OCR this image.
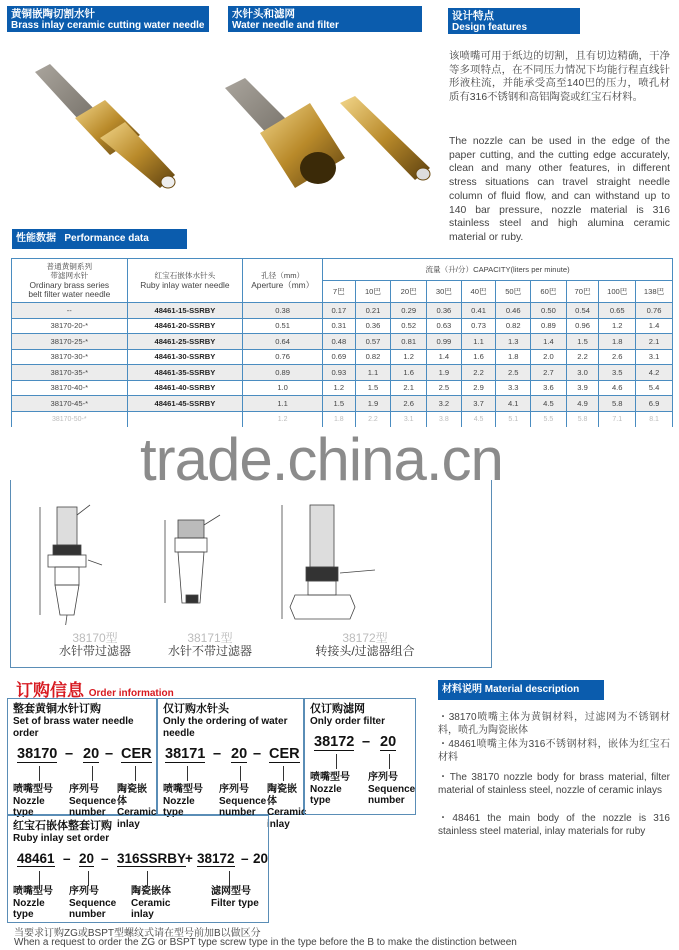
黄铜嵌陶切割水针
Brass inlay ceramic cutting water needle
水针头和滤网
Water needle and filter
设计特点
Design features
该喷嘴可用于纸边的切割，且有切边精确，干净等多项特点，在不同压力情况下均能行程直线针形液柱流，并能承受高至140巴的压力，喷孔材质有316不锈钢和高铝陶瓷或红宝石材料。
The nozzle can be used in the edge of the paper cutting, and the cutting edge accurately, clean and many other features, in different stress situations can travel straight needle column of fluid flow, and can withstand up to 140 bar pressure, nozzle material is 316 stainless steel and high alumina ceramic material or ruby.
性能数据 Performance data
普通黄铜系列
带滤网水针
Ordinary brass series
belt filter water needle	红宝石嵌体水针头
Ruby inlay water needle	孔径（mm）
Aperture（mm）	流量（升/分）CAPACITY(liters per minute)									
			7巴	10巴	20巴	30巴	40巴	50巴	60巴	70巴	100巴	138巴
--	48461-15-SSRBY	0.38	0.17	0.21	0.29	0.36	0.41	0.46	0.50	0.54	0.65	0.76
38170-20-*	48461-20-SSRBY	0.51	0.31	0.36	0.52	0.63	0.73	0.82	0.89	0.96	1.2	1.4
38170-25-*	48461-25-SSRBY	0.64	0.48	0.57	0.81	0.99	1.1	1.3	1.4	1.5	1.8	2.1
38170-30-*	48461-30-SSRBY	0.76	0.69	0.82	1.2	1.4	1.6	1.8	2.0	2.2	2.6	3.1
38170-35-*	48461-35-SSRBY	0.89	0.93	1.1	1.6	1.9	2.2	2.5	2.7	3.0	3.5	4.2
38170-40-*	48461-40-SSRBY	1.0	1.2	1.5	2.1	2.5	2.9	3.3	3.6	3.9	4.6	5.4
38170-45-*	48461-45-SSRBY	1.1	1.5	1.9	2.6	3.2	3.7	4.1	4.5	4.9	5.8	6.9
38170-50-*		1.2	1.8	2.2	3.1	3.8	4.5	5.1	5.5	5.8	7.1	8.1
trade.china.cn
38170型
水针带过滤器
38171型
水针不带过滤器
38172型
转接头/过滤器组合
订购信息 Order information
整套黄铜水针订购
Set of brass water needle order
38170 – 20 – CER
喷嘴型号
Nozzle
type
序列号
Sequence
number
陶瓷嵌体
Ceramic
inlay
仅订购水针头
Only the ordering of water needle
38171 – 20 – CER
喷嘴型号
Nozzle
type
序列号
Sequence
number
陶瓷嵌体
Ceramic
inlay
仅订购滤网
Only order filter
38172 – 20
喷嘴型号
Nozzle
type
序列号
Sequence
number
红宝石嵌体整套订购
Ruby inlay set order
48461 – 20 – 316SSRBY
+ 38172 – 20
喷嘴型号
Nozzle
type
序列号
Sequence
number
陶瓷嵌体
Ceramic
inlay
滤网型号
Filter type
当要求订购ZG或BSPT型螺纹式请在型号前加B以做区分
When a request to order the ZG or BSPT type screw type in the type before the B to make the distinction between
材料说明 Material description
・38170喷嘴主体为黄铜材料，过滤网为不锈钢材料，喷孔为陶瓷嵌体
・48461喷嘴主体为316不锈钢材料，嵌体为红宝石材料
・The 38170 nozzle body for brass material, filter material of stainless steel, nozzle of ceramic inlays
・48461 the main body of the nozzle is 316 stainless steel material, inlay materials for ruby
